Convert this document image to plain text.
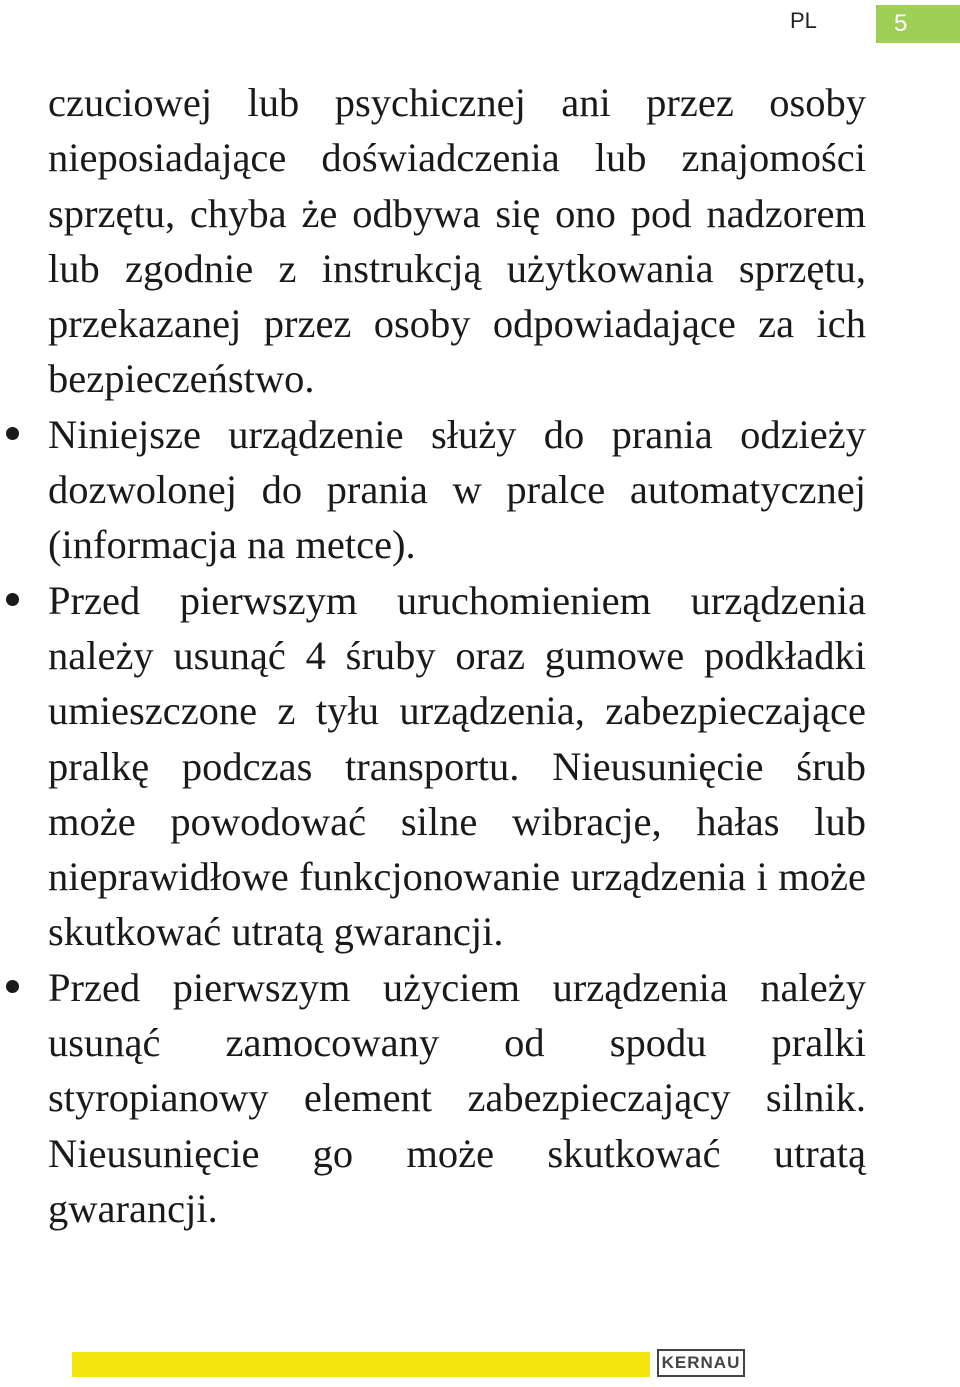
PL	5

czuciowej lub psychicznej ani przez osoby nieposiadające doświadczenia lub znajomości sprzętu, chyba że odbywa się ono pod nadzorem lub zgodnie z instrukcją użytkowania sprzętu, przekazanej przez osoby odpowiadające za ich bezpieczeństwo.

Niniejsze urządzenie służy do prania odzieży dozwolonej do prania w pralce automatycznej (informacja na metce).

Przed pierwszym uruchomieniem urządzenia należy usunąć 4 śruby oraz gumowe podkładki umieszczone z tyłu urządzenia, zabezpieczające pralkę podczas transportu. Nieusunięcie śrub może powodować silne wibracje, hałas lub nieprawidłowe funkcjonowanie urządzenia i może skutkować utratą gwarancji.

Przed pierwszym użyciem urządzenia należy usunąć zamocowany od spodu pralki styropianowy element zabezpieczający silnik. Nieusunięcie go może skutkować utratą gwarancji.

KERNAU
